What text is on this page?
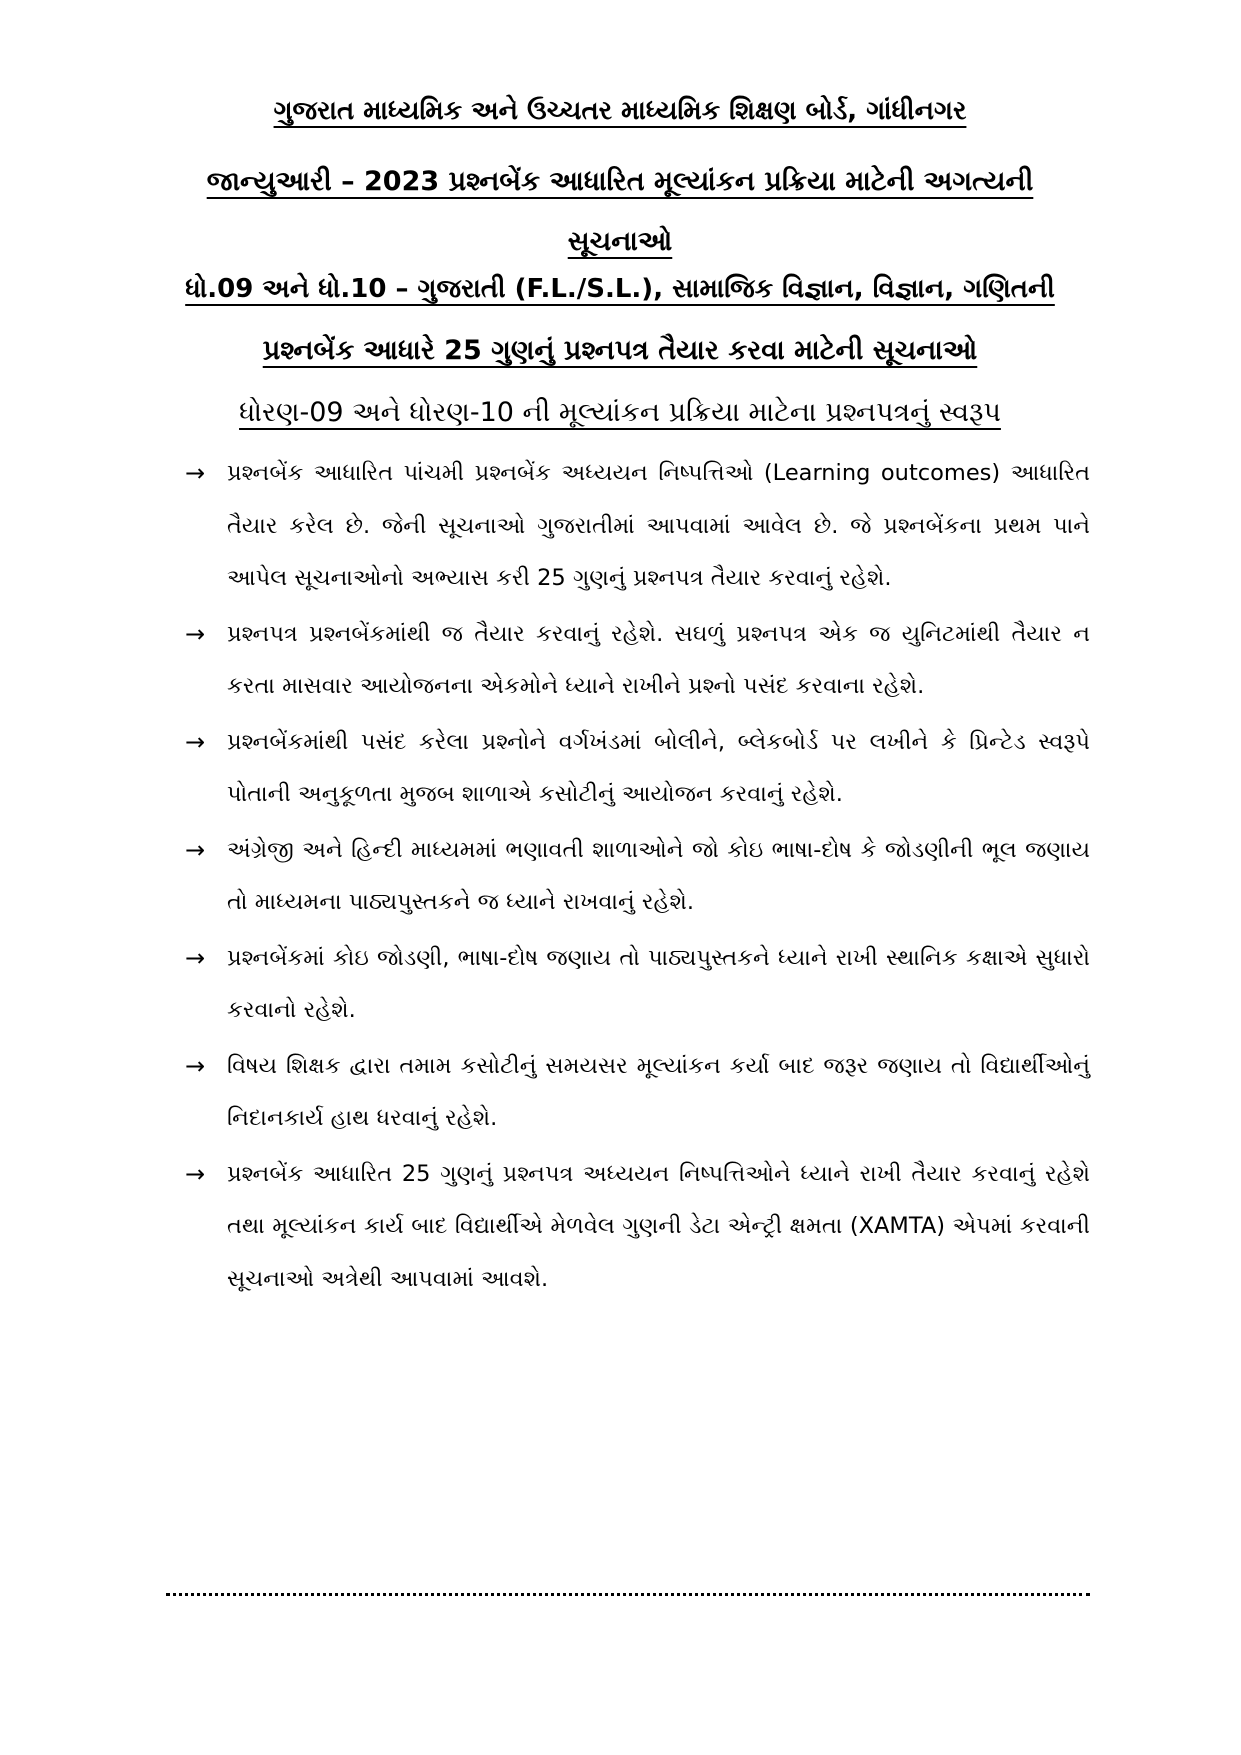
ગુજરાત માધ્યમિક અને ઉચ્ચતર માધ્યમિક શિક્ષણ બોર્ડ, ગાંધીનગર
જાન્યુઆરી – 2023 પ્રશ્નબેંક આધારિત મૂલ્યાંકન પ્રક્રિયા માટેની અગત્યની સૂચનાઓ
ધો.09 અને ધો.10 – ગુજરાતી (F.L./S.L.), સામાજિક વિજ્ઞાન, વિજ્ઞાન, ગણિતની
પ્રશ્નબેંક આધારે 25 ગુણનું પ્રશ્નપત્ર તૈયાર કરવા માટેની સૂચનાઓ
ધોરણ-09 અને ધોરણ-10 ની મૂલ્યાંકન પ્રક્રિયા માટેના પ્રશ્નપત્રનું સ્વરૂપ
→ પ્રશ્નબેંક આધારિત પાંચમી પ્રશ્નબેંક અધ્યયન નિષ્પત્તિઓ (Learning outcomes) આધારિત તૈયાર કરેલ છે. જેની સૂચનાઓ ગુજરાતીમાં આપવામાં આવેલ છે. જે પ્રશ્નબેંકના પ્રથમ પાને આપેલ સૂચનાઓનો અભ્યાસ કરી 25 ગુણનું પ્રશ્નપત્ર તૈયાર કરવાનું રહેશે.
→ પ્રશ્નપત્ર પ્રશ્નબેંકમાંથી જ તૈયાર કરવાનું રહેશે. સઘળું પ્રશ્નપત્ર એક જ યુનિટમાંથી તૈયાર ન કરતા માસવાર આયોજનના એકમોને ધ્યાને રાખીને પ્રશ્નો પસંદ કરવાના રહેશે.
→ પ્રશ્નબેંકમાંથી પસંદ કરેલા પ્રશ્નોને વર્ગખંડમાં બોલીને, બ્લેકબોર્ડ પર લખીને કે પ્રિન્ટેડ સ્વરૂપે પોતાની અનુકૂળતા મુજબ શાળાએ કસોટીનું આયોજન કરવાનું રહેશે.
→ અંગ્રેજી અને હિન્દી માધ્યમમાં ભણાવતી શાળાઓને જો કોઇ ભાષા-દોષ કે જોડણીની ભૂલ જણાય તો માધ્યમના પાઠ્યપુસ્તકને જ ધ્યાને રાખવાનું રહેશે.
→ પ્રશ્નબેંકમાં કોઇ જોડણી, ભાષા-દોષ જણાય તો પાઠ્યપુસ્તકને ધ્યાને રાખી સ્થાનિક કક્ષાએ સુધારો કરવાનો રહેશે.
→ વિષય શિક્ષક દ્વારા તમામ કસોટીનું સમયસર મૂલ્યાંકન કર્યા બાદ જરૂર જણાય તો વિદ્યાર્થીઓનું નિદાનકાર્ય હાથ ધરવાનું રહેશે.
→ પ્રશ્નબેંક આધારિત 25 ગુણનું પ્રશ્નપત્ર અધ્યયન નિષ્પત્તિઓને ધ્યાને રાખી તૈયાર કરવાનું રહેશે તથા મૂલ્યાંકન કાર્ય બાદ વિદ્યાર્થીએ મેળવેલ ગુણની ડેટા એન્ટ્રી ક્ષમતા (XAMTA) એપમાં કરવાની સૂચનાઓ અત્રેથી આપવામાં આવશે.
